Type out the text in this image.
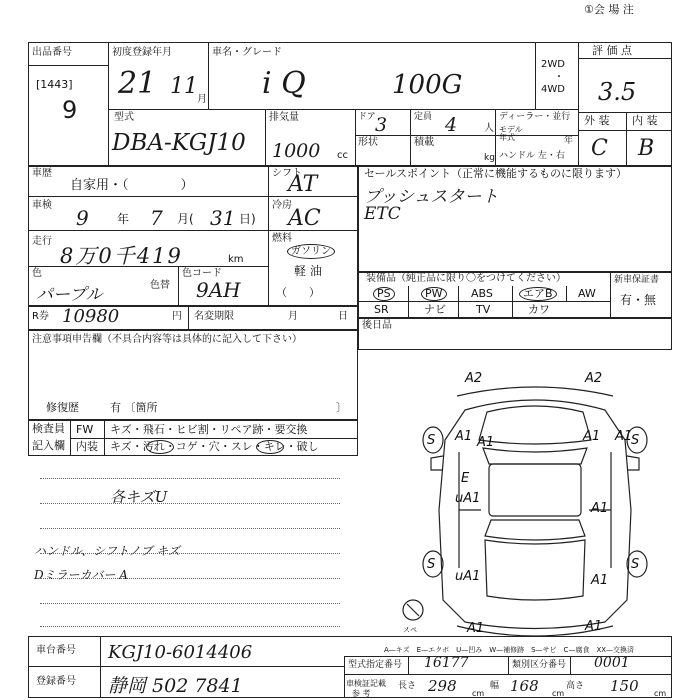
①会 場 注
出品番号
[1443]
9
初度登録年月
21 11
月
車名・グレード
i Q	100G
2WD
・
4WD
評 価 点
3.5
外 装 内 装
C B
型式
DBA-KGJ10
排気量
1000 cc
ドア 3	定員 4	人
形状	積載
kg
ディーラー・並行
モデル
年式	年
ハンドル 左・右
車歴
自家用・（　　　　）
シフト
AT
車検
9 年 7 月( 31 日)
冷房
AC
走行
8万0千419	km
燃料
ガソリン
軽 油
（　　）
色
パープル	色替
色コード
9AH
セールスポイント（正常に機能するものに限ります）
プッシュスタート
ETC
装備品（純正品に限り〇をつけてください）
PS	PW	ABS	エアB	AW
SR	ナビ	TV	カワ
新車保証書
有・無
後日品
R券 10980	円 名変期限	月	日
注意事項申告欄（不具合内容等は具体的に記入して下さい）
修復歴	有 〔箇所	〕
検査員
記入欄
FW キズ・飛石・ヒビ割・リペア跡・要交換
内装 キズ・汚れ・コゲ・穴・スレ・キレ・破し
各キズU
ハンドル、シフトノブ キズ
Dミラーカバー A
A2	A2
A1	A1
A1	A1
E
uA1
A1
uA1	A1
A1	A1
S	S
S	S
スペ
A—キズ　E—エクボ　U—凹み　W—補修跡　S—サビ　C—腐食　XX—交換済
車台番号 KGJ10-6014406
登録番号 静岡 502 7841
型式指定番号 16177	類別区分番号 0001
車検証記載
参 考
長さ 298 cm
幅 168 cm
高さ 150 cm
